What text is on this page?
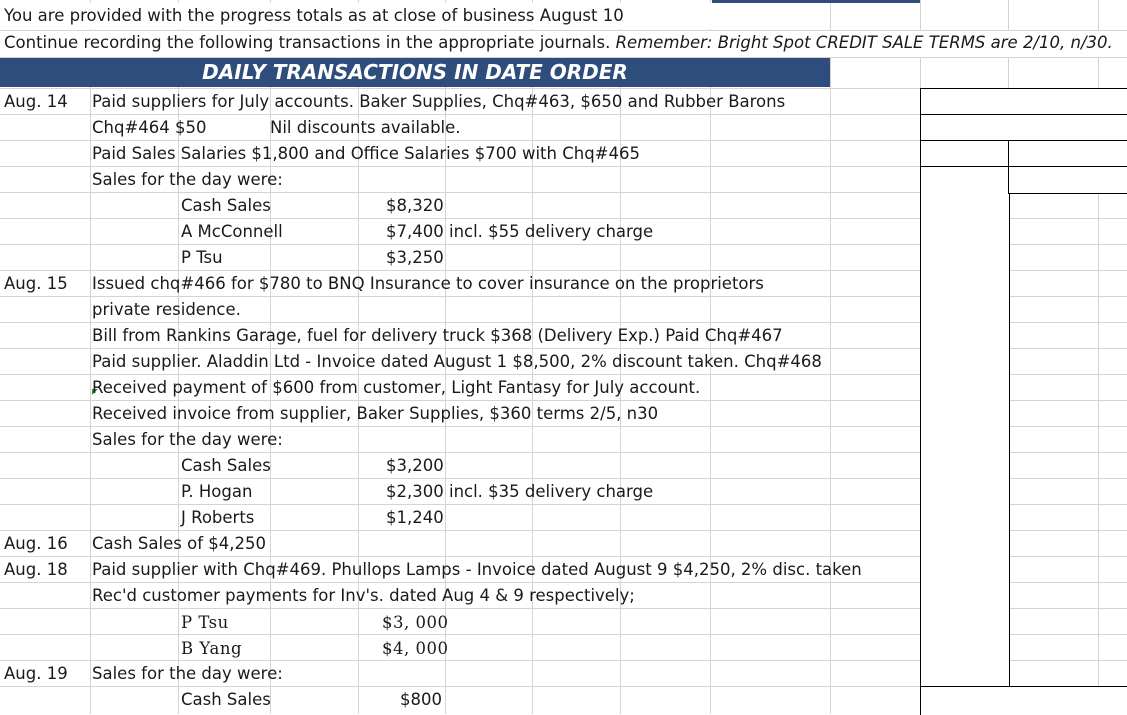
You are provided with the progress totals as at close of business August 10
Continue recording the following transactions in the appropriate journals. Remember: Bright Spot CREDIT SALE TERMS are 2/10, n/30.
DAILY TRANSACTIONS IN DATE ORDER
Aug. 14 Paid suppliers for July accounts. Baker Supplies, Chq#463, $650 and Rubber Barons
Chq#464 $50	Nil discounts available.
Paid Sales Salaries $1,800 and Office Salaries $700 with Chq#465
Sales for the day were:
Cash Sales	$8,320
A McConnell	$7,400 incl. $55 delivery charge
P Tsu	$3,250
Aug. 15 Issued chq#466 for $780 to BNQ Insurance to cover insurance on the proprietors
private residence.
Bill from Rankins Garage, fuel for delivery truck $368 (Delivery Exp.) Paid Chq#467
Paid supplier. Aladdin Ltd - Invoice dated August 1 $8,500, 2% discount taken. Chq#468
Received payment of $600 from customer, Light Fantasy for July account.
Received invoice from supplier, Baker Supplies, $360 terms 2/5, n30
Sales for the day were:
Cash Sales	$3,200
P. Hogan	$2,300 incl. $35 delivery charge
J Roberts	$1,240
Aug. 16 Cash Sales of $4,250
Aug. 18 Paid supplier with Chq#469. Phullops Lamps - Invoice dated August 9 $4,250, 2% disc. taken
Rec'd customer payments for Inv's. dated Aug 4 & 9 respectively;
P Tsu	$3, 000
B Yang	$4, 000
Aug. 19 Sales for the day were:
Cash Sales	$800
